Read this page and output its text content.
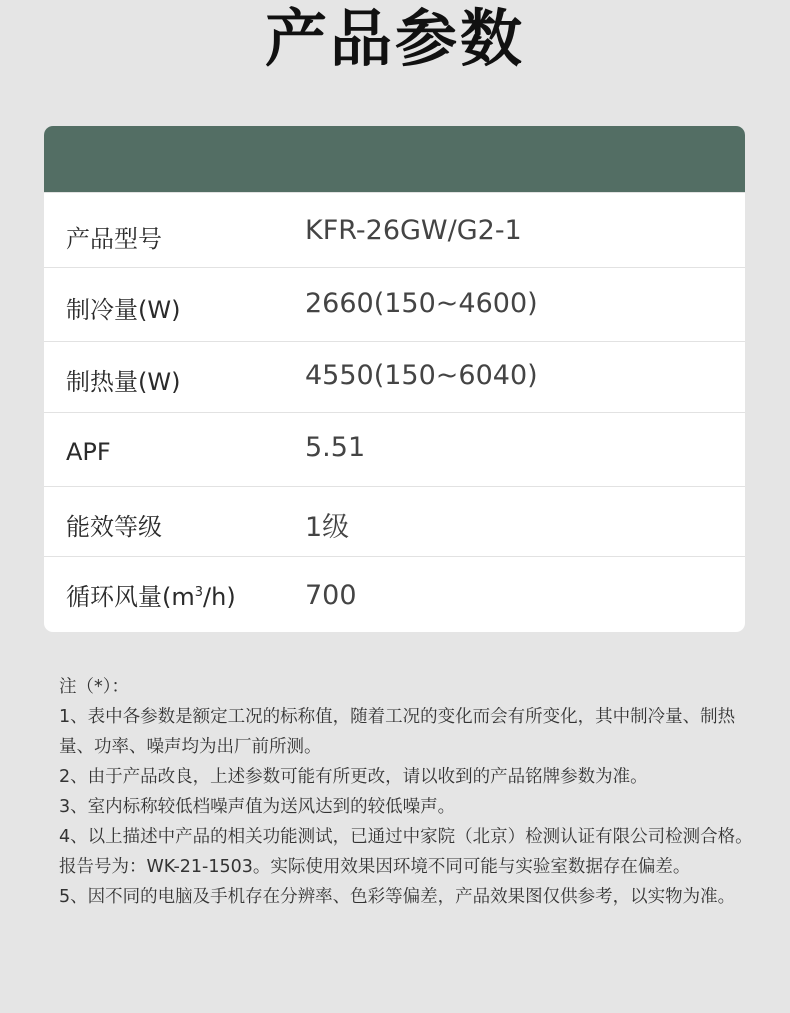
产品参数
产品型号	KFR-26GW/G2-1
制冷量(W)	2660(150~4600)
制热量(W)	4550(150~6040)
APF	5.51
能效等级	1级
循环风量$(m^3/h)$	700
注（*）：
1、表中各参数是额定工况的标称值，随着工况的变化而会有所变化，其中制冷量、制热
量、功率、噪声均为出厂前所测。
2、由于产品改良，上述参数可能有所更改，请以收到的产品铭牌参数为准。
3、室内标称较低档噪声值为送风达到的较低噪声。
4、以上描述中产品的相关功能测试，已通过中家院（北京）检测认证有限公司检测合格。
报告号为：WK-21-1503。实际使用效果因环境不同可能与实验室数据存在偏差。
5、因不同的电脑及手机存在分辨率、色彩等偏差，产品效果图仅供参考，以实物为准。
